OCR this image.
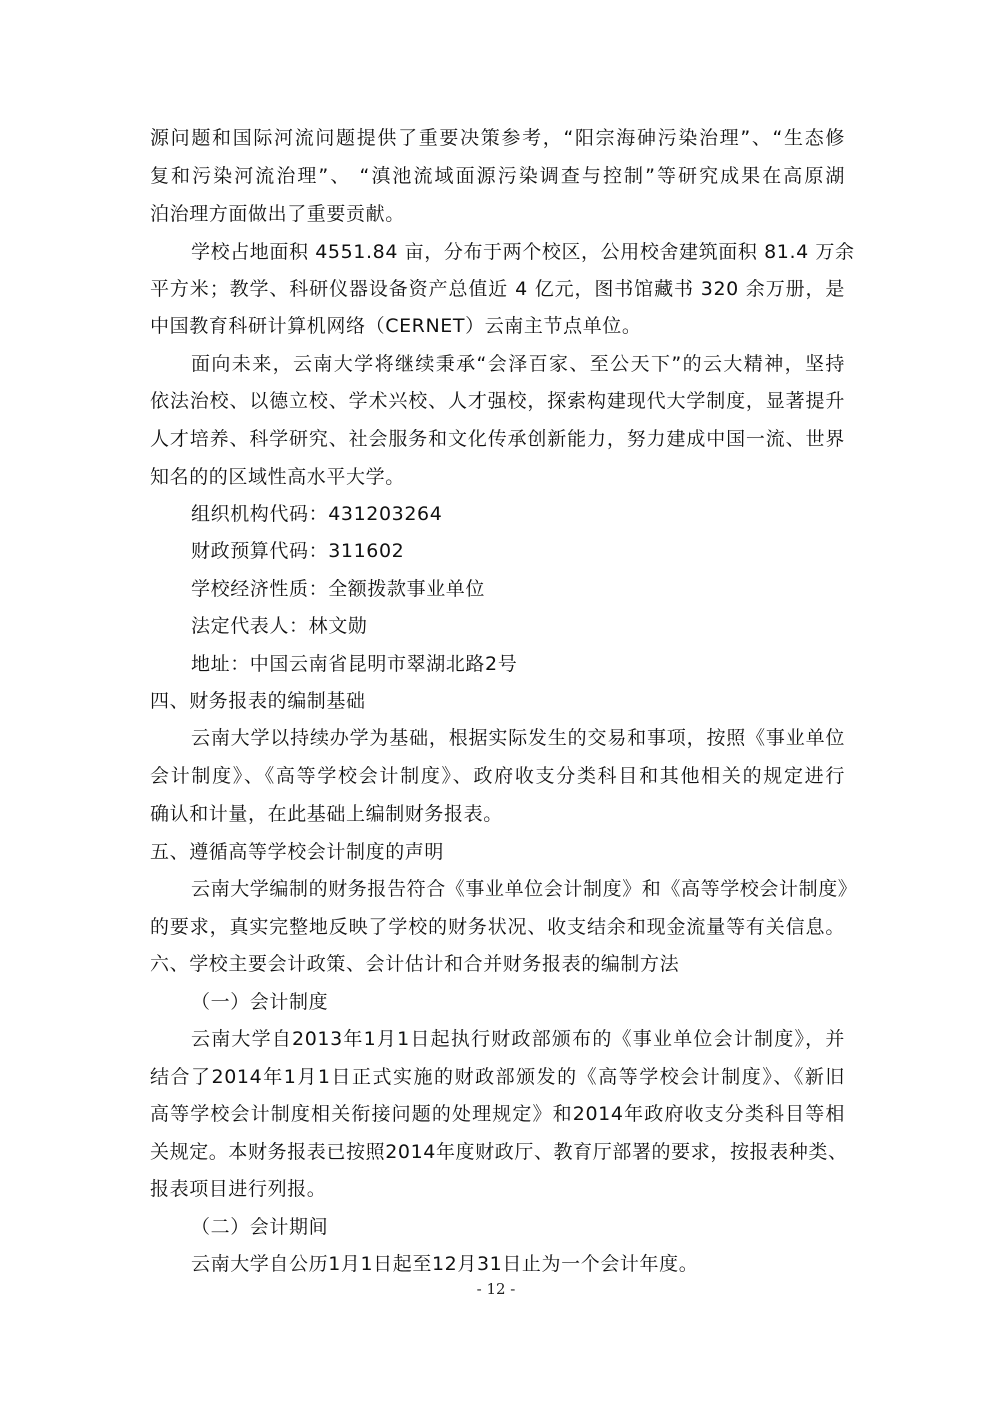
源问题和国际河流问题提供了重要决策参考，“阳宗海砷污染治理”、“生态修
复和污染河流治理”、 “滇池流域面源污染调查与控制”等研究成果在高原湖
泊治理方面做出了重要贡献。
学校占地面积 4551.84 亩，分布于两个校区，公用校舍建筑面积 81.4 万余
平方米；教学、科研仪器设备资产总值近 4 亿元，图书馆藏书 320 余万册，是
中国教育科研计算机网络（CERNET）云南主节点单位。
面向未来，云南大学将继续秉承“会泽百家、至公天下”的云大精神，坚持
依法治校、以德立校、学术兴校、人才强校，探索构建现代大学制度，显著提升
人才培养、科学研究、社会服务和文化传承创新能力，努力建成中国一流、世界
知名的的区域性高水平大学。
组织机构代码：431203264
财政预算代码：311602
学校经济性质：全额拨款事业单位
法定代表人：林文勋
地址：中国云南省昆明市翠湖北路2号
四、财务报表的编制基础
云南大学以持续办学为基础，根据实际发生的交易和事项，按照《事业单位
会计制度》、《高等学校会计制度》、政府收支分类科目和其他相关的规定进行
确认和计量，在此基础上编制财务报表。
五、遵循高等学校会计制度的声明
云南大学编制的财务报告符合《事业单位会计制度》和《高等学校会计制度》
的要求，真实完整地反映了学校的财务状况、收支结余和现金流量等有关信息。
六、学校主要会计政策、会计估计和合并财务报表的编制方法
（一）会计制度
云南大学自2013年1月1日起执行财政部颁布的《事业单位会计制度》，并
结合了2014年1月1日正式实施的财政部颁发的《高等学校会计制度》、《新旧
高等学校会计制度相关衔接问题的处理规定》和2014年政府收支分类科目等相
关规定。本财务报表已按照2014年度财政厅、教育厅部署的要求，按报表种类、
报表项目进行列报。
（二）会计期间
云南大学自公历1月1日起至12月31日止为一个会计年度。
- 12 -
